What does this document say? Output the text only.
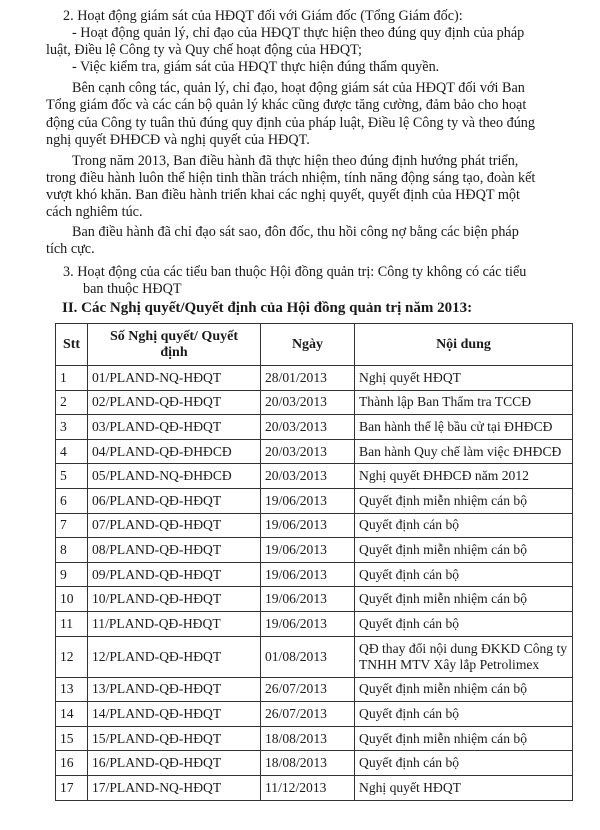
2. Hoạt động giám sát của HĐQT đối với Giám đốc (Tổng Giám đốc):
- Hoạt động quản lý, chỉ đạo của HĐQT thực hiện theo đúng quy định của pháp
luật, Điều lệ Công ty và Quy chế hoạt động của HĐQT;
- Việc kiểm tra, giám sát của HĐQT thực hiện đúng thẩm quyền.
Bên cạnh công tác, quản lý, chỉ đạo, hoạt động giám sát của HĐQT đối với Ban
Tổng giám đốc và các cán bộ quản lý khác cũng được tăng cường, đảm bảo cho hoạt
động của Công ty tuân thủ đúng quy định của pháp luật, Điều lệ Công ty và theo đúng
nghị quyết ĐHĐCĐ và nghị quyết của HĐQT.
Trong năm 2013, Ban điều hành đã thực hiện theo đúng định hướng phát triển,
trong điều hành luôn thể hiện tinh thần trách nhiệm, tính năng động sáng tạo, đoàn kết
vượt khó khăn. Ban điều hành triển khai các nghị quyết, quyết định của HĐQT một
cách nghiêm túc.
Ban điều hành đã chỉ đạo sát sao, đôn đốc, thu hồi công nợ bằng các biện pháp
tích cực.
3. Hoạt động của các tiểu ban thuộc Hội đồng quản trị: Công ty không có các tiểu
ban thuộc HĐQT
II. Các Nghị quyết/Quyết định của Hội đồng quản trị năm 2013:
Stt	Số Nghị quyết/ Quyết định	Ngày	Nội dung
1	01/PLAND-NQ-HĐQT	28/01/2013	Nghị quyết HĐQT
2	02/PLAND-QĐ-HĐQT	20/03/2013	Thành lập Ban Thẩm tra TCCĐ
3	03/PLAND-QĐ-HĐQT	20/03/2013	Ban hành thể lệ bầu cử tại ĐHĐCĐ
4	04/PLAND-QĐ-ĐHĐCĐ	20/03/2013	Ban hành Quy chế làm việc ĐHĐCĐ
5	05/PLAND-NQ-ĐHĐCĐ	20/03/2013	Nghị quyết ĐHĐCĐ năm 2012
6	06/PLAND-QĐ-HĐQT	19/06/2013	Quyết định miễn nhiệm cán bộ
7	07/PLAND-QĐ-HĐQT	19/06/2013	Quyết định cán bộ
8	08/PLAND-QĐ-HĐQT	19/06/2013	Quyết định miễn nhiệm cán bộ
9	09/PLAND-QĐ-HĐQT	19/06/2013	Quyết định cán bộ
10	10/PLAND-QĐ-HĐQT	19/06/2013	Quyết định miễn nhiệm cán bộ
11	11/PLAND-QĐ-HĐQT	19/06/2013	Quyết định cán bộ
12	12/PLAND-QĐ-HĐQT	01/08/2013	QĐ thay đổi nội dung ĐKKD Công ty TNHH MTV Xây lắp Petrolimex
13	13/PLAND-QĐ-HĐQT	26/07/2013	Quyết định miễn nhiệm cán bộ
14	14/PLAND-QĐ-HĐQT	26/07/2013	Quyết định cán bộ
15	15/PLAND-QĐ-HĐQT	18/08/2013	Quyết định miễn nhiệm cán bộ
16	16/PLAND-QĐ-HĐQT	18/08/2013	Quyết định cán bộ
17	17/PLAND-NQ-HĐQT	11/12/2013	Nghị quyết HĐQT
